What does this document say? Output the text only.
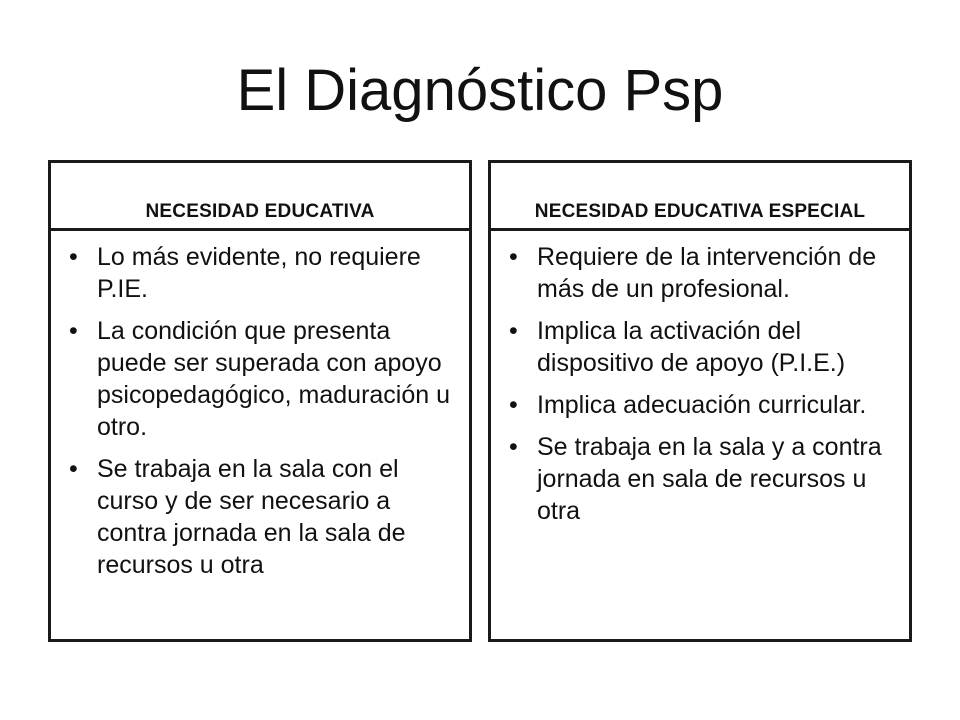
El Diagnóstico Psp
NECESIDAD EDUCATIVA
• Lo más evidente, no requiere P.IE.
• La condición que presenta puede ser superada con apoyo psicopedagógico, maduración u otro.
• Se trabaja en la sala con el curso y de ser necesario a contra jornada en la sala de recursos u otra
NECESIDAD EDUCATIVA ESPECIAL
• Requiere de la intervención de más de un profesional.
• Implica la activación del dispositivo de apoyo (P.I.E.)
• Implica adecuación curricular.
• Se trabaja en la sala y a contra jornada en sala de recursos u otra
